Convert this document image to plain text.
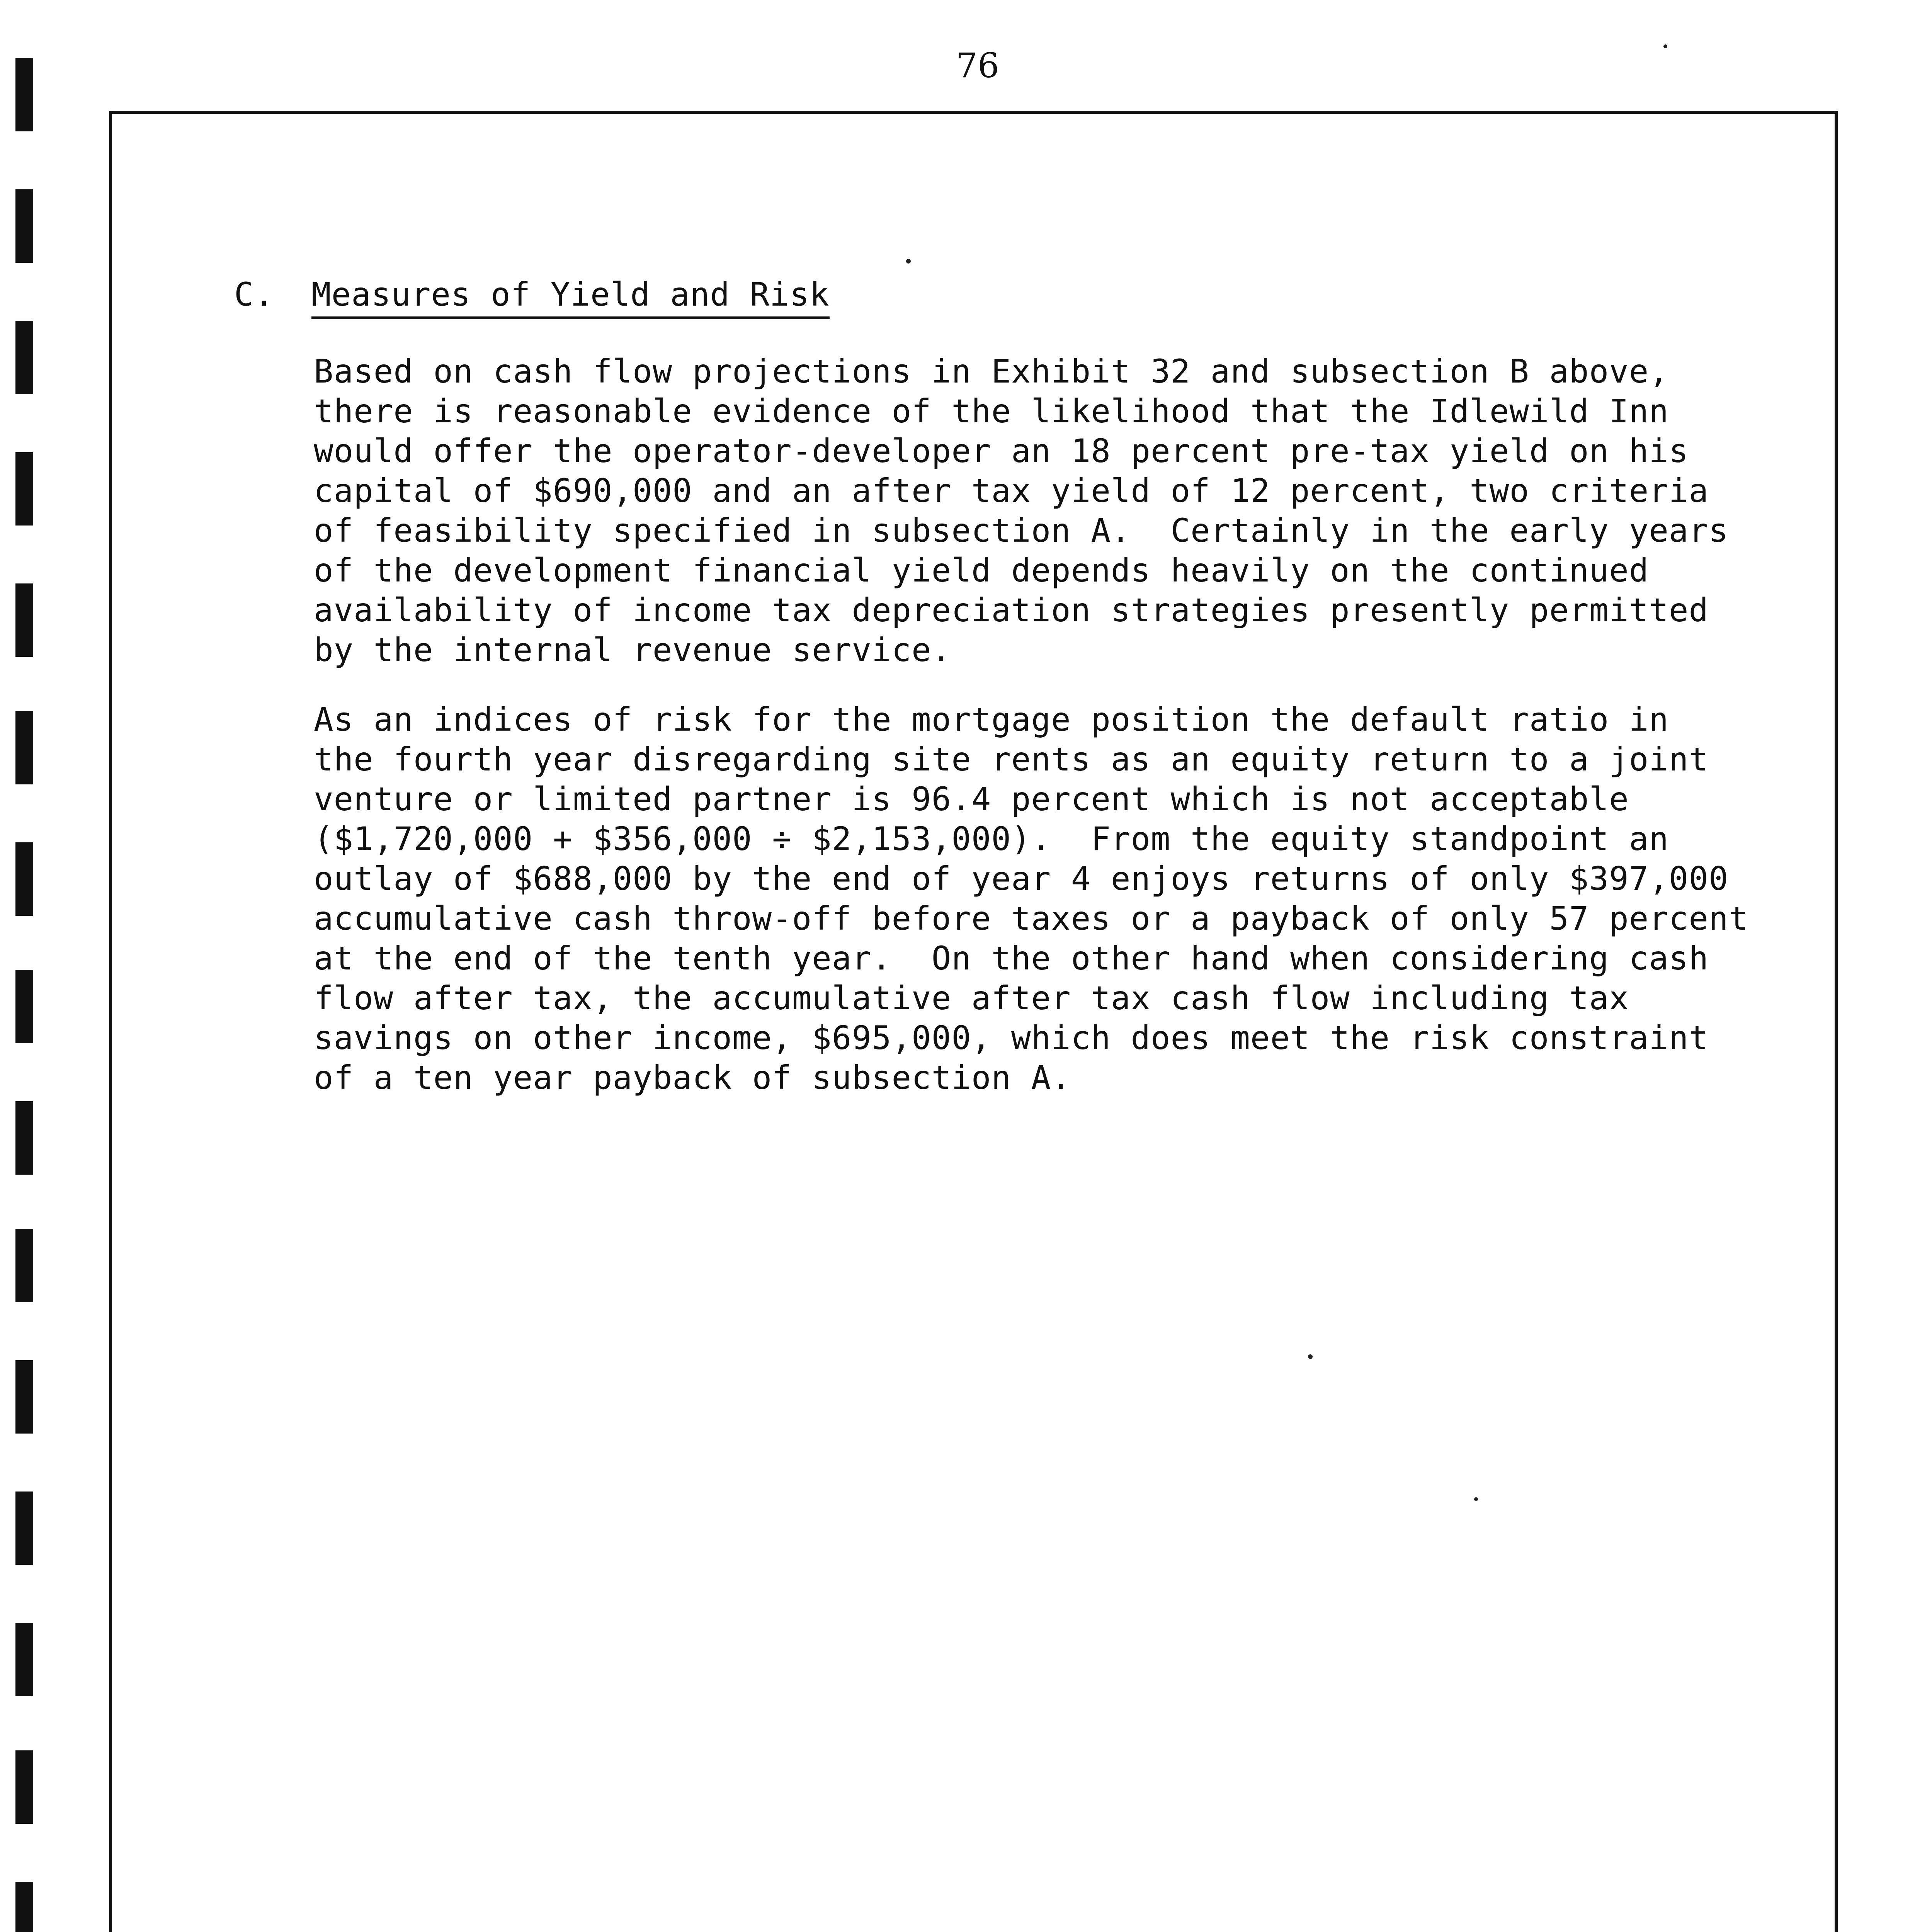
76
C. Measures of Yield and Risk

Based on cash flow projections in Exhibit 32 and subsection B above,
there is reasonable evidence of the likelihood that the Idlewild Inn
would offer the operator-developer an 18 percent pre-tax yield on his
capital of $690,000 and an after tax yield of 12 percent, two criteria
of feasibility specified in subsection A.  Certainly in the early years
of the development financial yield depends heavily on the continued
availability of income tax depreciation strategies presently permitted
by the internal revenue service.

As an indices of risk for the mortgage position the default ratio in
the fourth year disregarding site rents as an equity return to a joint
venture or limited partner is 96.4 percent which is not acceptable
($1,720,000 + $356,000 ÷ $2,153,000).  From the equity standpoint an
outlay of $688,000 by the end of year 4 enjoys returns of only $397,000
accumulative cash throw-off before taxes or a payback of only 57 percent
at the end of the tenth year.  On the other hand when considering cash
flow after tax, the accumulative after tax cash flow including tax
savings on other income, $695,000, which does meet the risk constraint
of a ten year payback of subsection A.
